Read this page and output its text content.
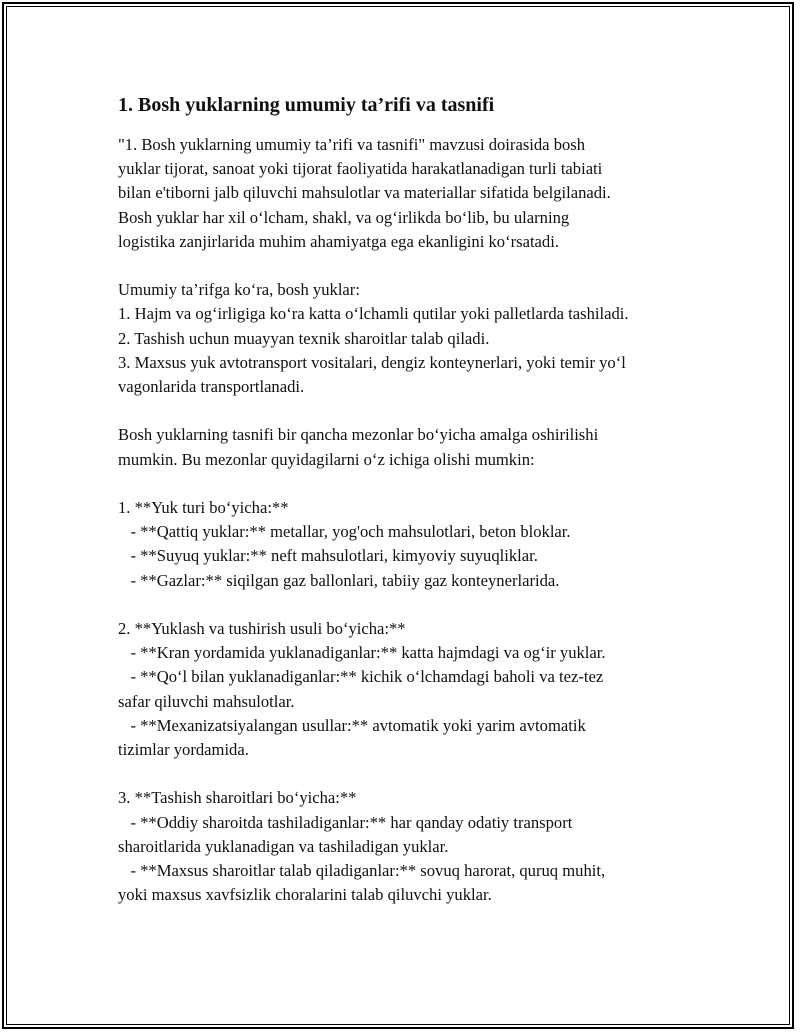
1. Bosh yuklarning umumiy ta’rifi va tasnifi

"1. Bosh yuklarning umumiy ta’rifi va tasnifi" mavzusi doirasida bosh

yuklar tijorat, sanoat yoki tijorat faoliyatida harakatlanadigan turli tabiati

bilan e'tiborni jalb qiluvchi mahsulotlar va materiallar sifatida belgilanadi.

Bosh yuklar har xil o‘lcham, shakl, va og‘irlikda bo‘lib, bu ularning

logistika zanjirlarida muhim ahamiyatga ega ekanligini ko‘rsatadi.

Umumiy ta’rifga ko‘ra, bosh yuklar:

1. Hajm va og‘irligiga ko‘ra katta o‘lchamli qutilar yoki palletlarda tashiladi.

2. Tashish uchun muayyan texnik sharoitlar talab qiladi.

3. Maxsus yuk avtotransport vositalari, dengiz konteynerlari, yoki temir yo‘l

vagonlarida transportlanadi.

Bosh yuklarning tasnifi bir qancha mezonlar bo‘yicha amalga oshirilishi

mumkin. Bu mezonlar quyidagilarni o‘z ichiga olishi mumkin:

1. **Yuk turi bo‘yicha:**

- **Qattiq yuklar:** metallar, yog'och mahsulotlari, beton bloklar.

- **Suyuq yuklar:** neft mahsulotlari, kimyoviy suyuqliklar.

- **Gazlar:** siqilgan gaz ballonlari, tabiiy gaz konteynerlarida.

2. **Yuklash va tushirish usuli bo‘yicha:**

- **Kran yordamida yuklanadiganlar:** katta hajmdagi va og‘ir yuklar.

- **Qo‘l bilan yuklanadiganlar:** kichik o‘lchamdagi baholi va tez-tez

safar qiluvchi mahsulotlar.

- **Mexanizatsiyalangan usullar:** avtomatik yoki yarim avtomatik

tizimlar yordamida.

3. **Tashish sharoitlari bo‘yicha:**

- **Oddiy sharoitda tashiladiganlar:** har qanday odatiy transport

sharoitlarida yuklanadigan va tashiladigan yuklar.

- **Maxsus sharoitlar talab qiladiganlar:** sovuq harorat, quruq muhit,

yoki maxsus xavfsizlik choralarini talab qiluvchi yuklar.
